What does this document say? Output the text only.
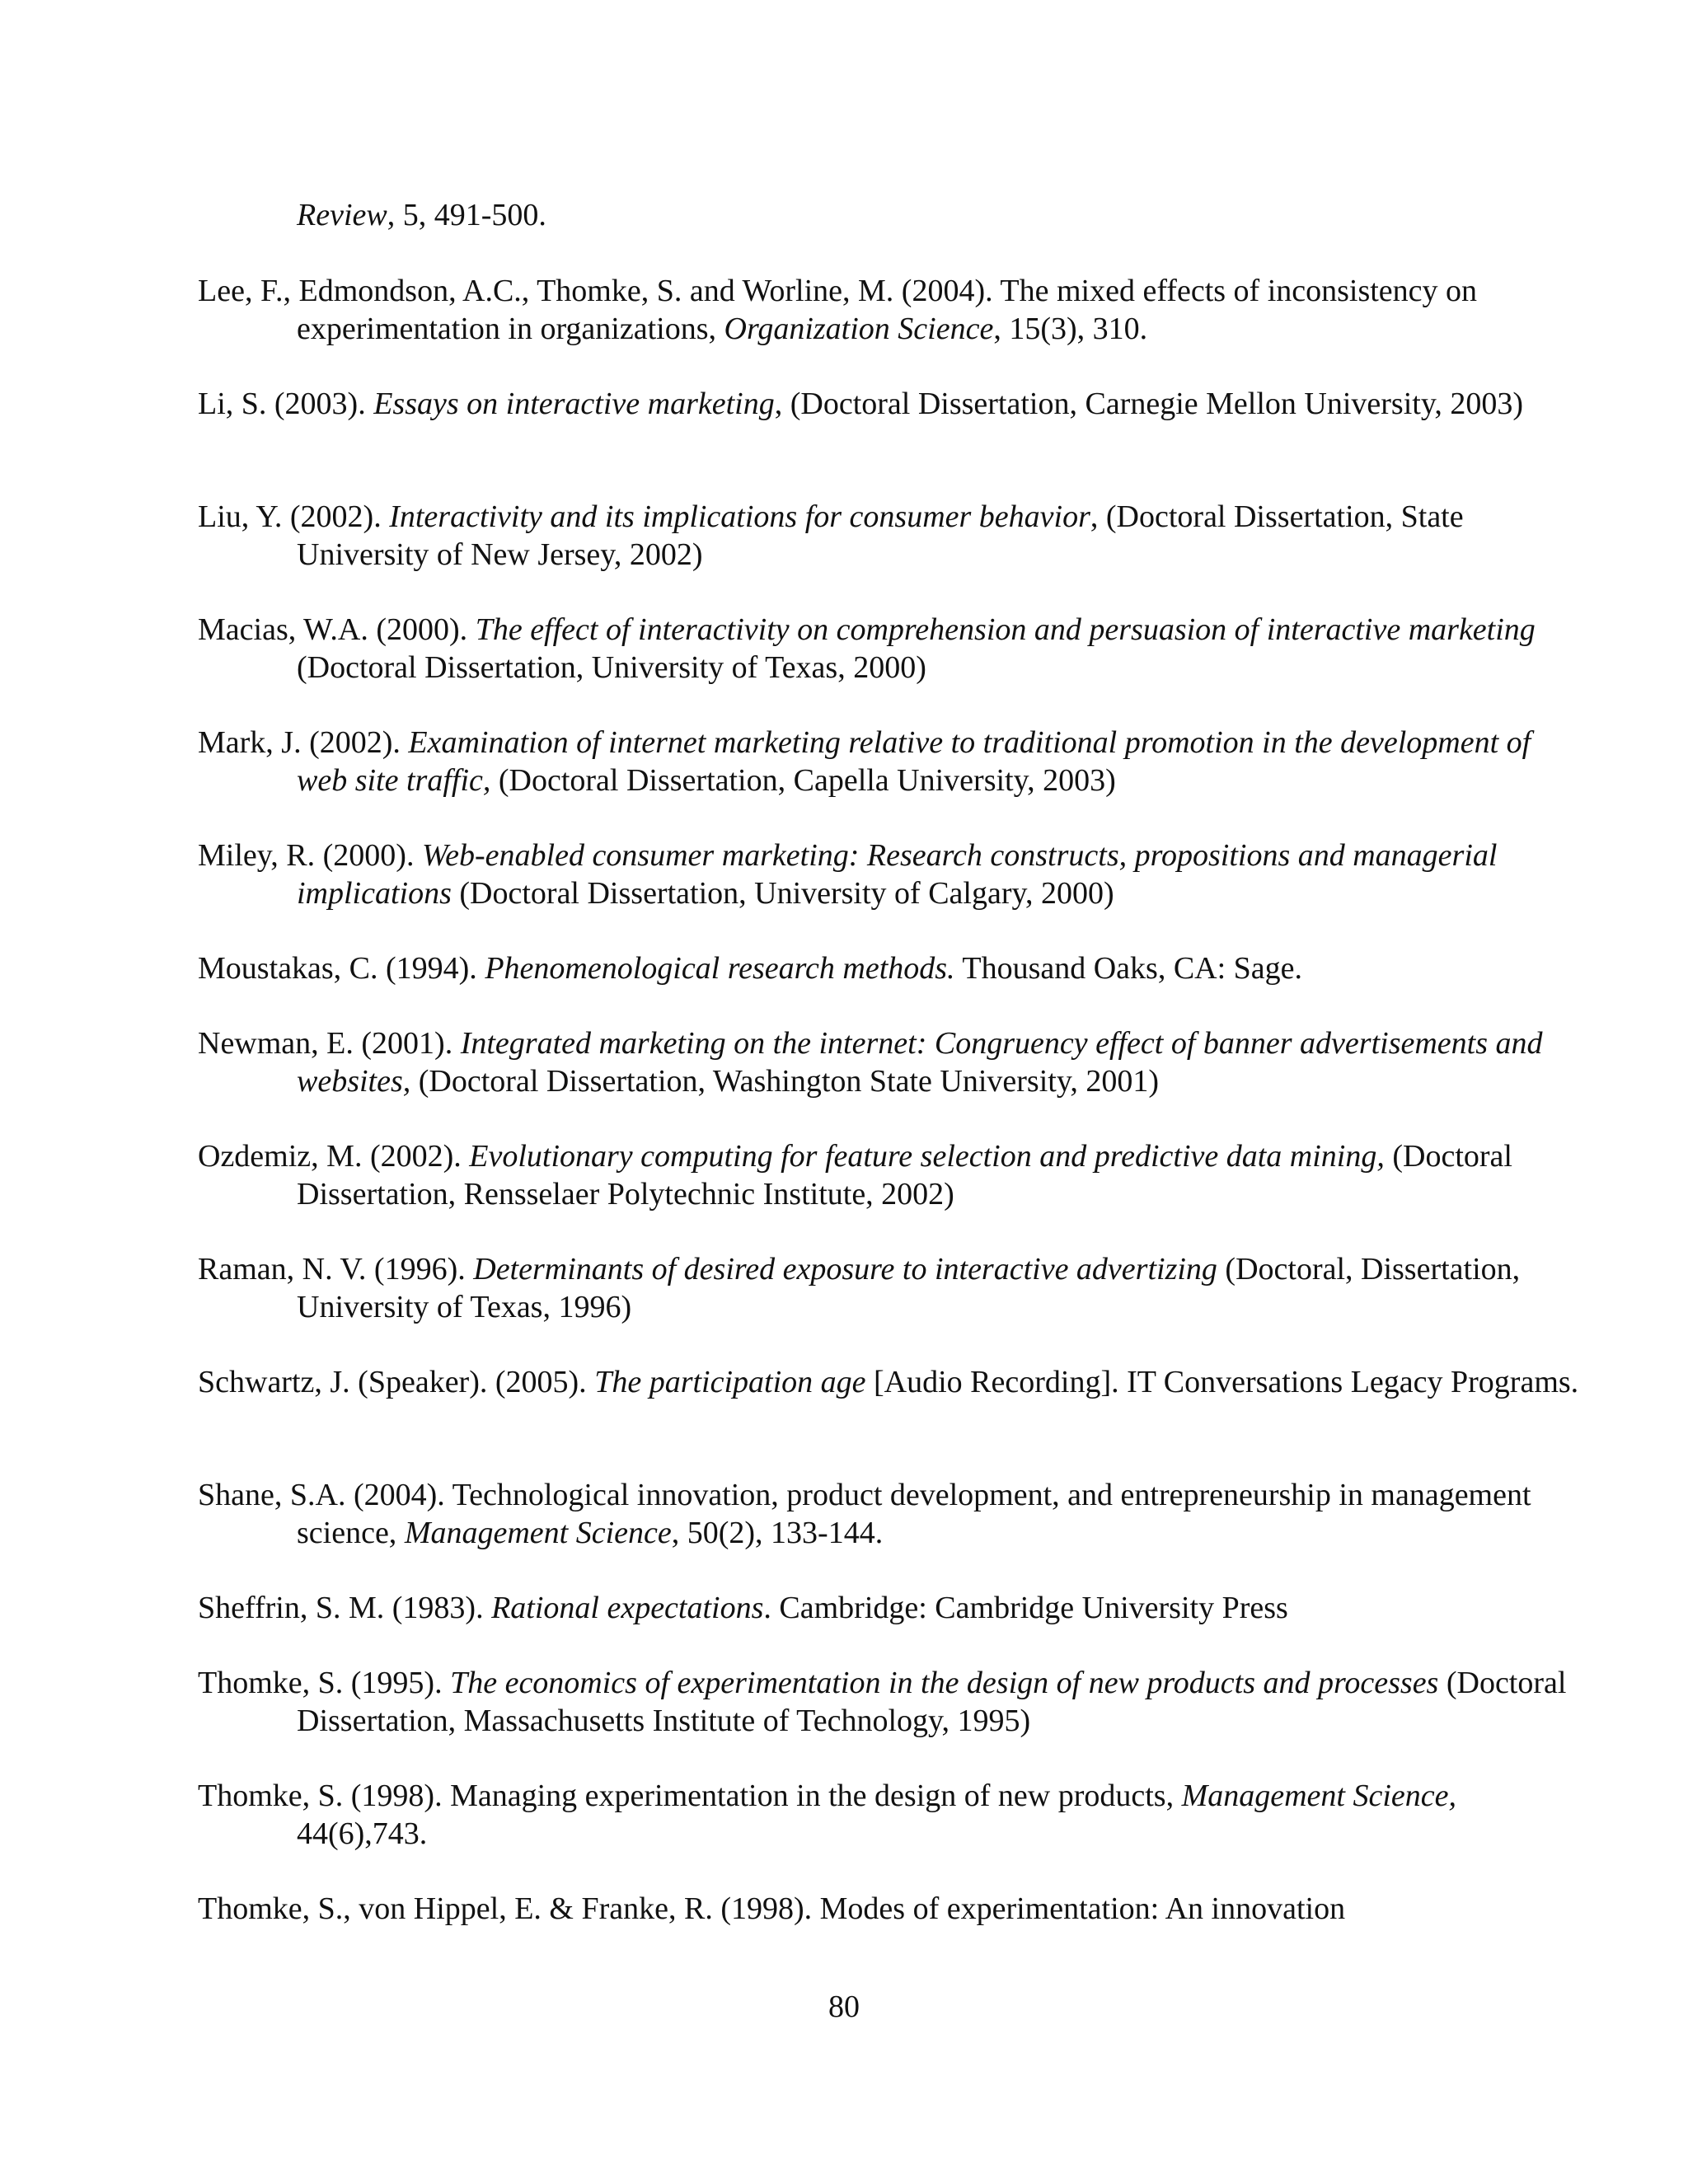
Review, 5, 491-500.

Lee, F., Edmondson, A.C., Thomke, S. and Worline, M. (2004). The mixed effects of inconsistency on experimentation in organizations, Organization Science, 15(3), 310.

Li, S. (2003). Essays on interactive marketing, (Doctoral Dissertation, Carnegie Mellon University, 2003)

Liu, Y. (2002). Interactivity and its implications for consumer behavior, (Doctoral Dissertation, State University of New Jersey, 2002)

Macias, W.A. (2000). The effect of interactivity on comprehension and persuasion of interactive marketing (Doctoral Dissertation, University of Texas, 2000)

Mark, J. (2002). Examination of internet marketing relative to traditional promotion in the development of web site traffic, (Doctoral Dissertation, Capella University, 2003)

Miley, R. (2000). Web-enabled consumer marketing: Research constructs, propositions and managerial implications (Doctoral Dissertation, University of Calgary, 2000)

Moustakas, C. (1994). Phenomenological research methods. Thousand Oaks, CA: Sage.

Newman, E. (2001). Integrated marketing on the internet: Congruency effect of banner advertisements and websites, (Doctoral Dissertation, Washington State University, 2001)

Ozdemiz, M. (2002). Evolutionary computing for feature selection and predictive data mining, (Doctoral Dissertation, Rensselaer Polytechnic Institute, 2002)

Raman, N. V. (1996). Determinants of desired exposure to interactive advertizing (Doctoral, Dissertation, University of Texas, 1996)

Schwartz, J. (Speaker). (2005). The participation age [Audio Recording]. IT Conversations Legacy Programs.

Shane, S.A. (2004). Technological innovation, product development, and entrepreneurship in management science, Management Science, 50(2), 133-144.

Sheffrin, S. M. (1983). Rational expectations. Cambridge: Cambridge University Press

Thomke, S. (1995). The economics of experimentation in the design of new products and processes (Doctoral Dissertation, Massachusetts Institute of Technology, 1995)

Thomke, S. (1998). Managing experimentation in the design of new products, Management Science, 44(6),743.

Thomke, S., von Hippel, E. & Franke, R. (1998). Modes of experimentation: An innovation

80
